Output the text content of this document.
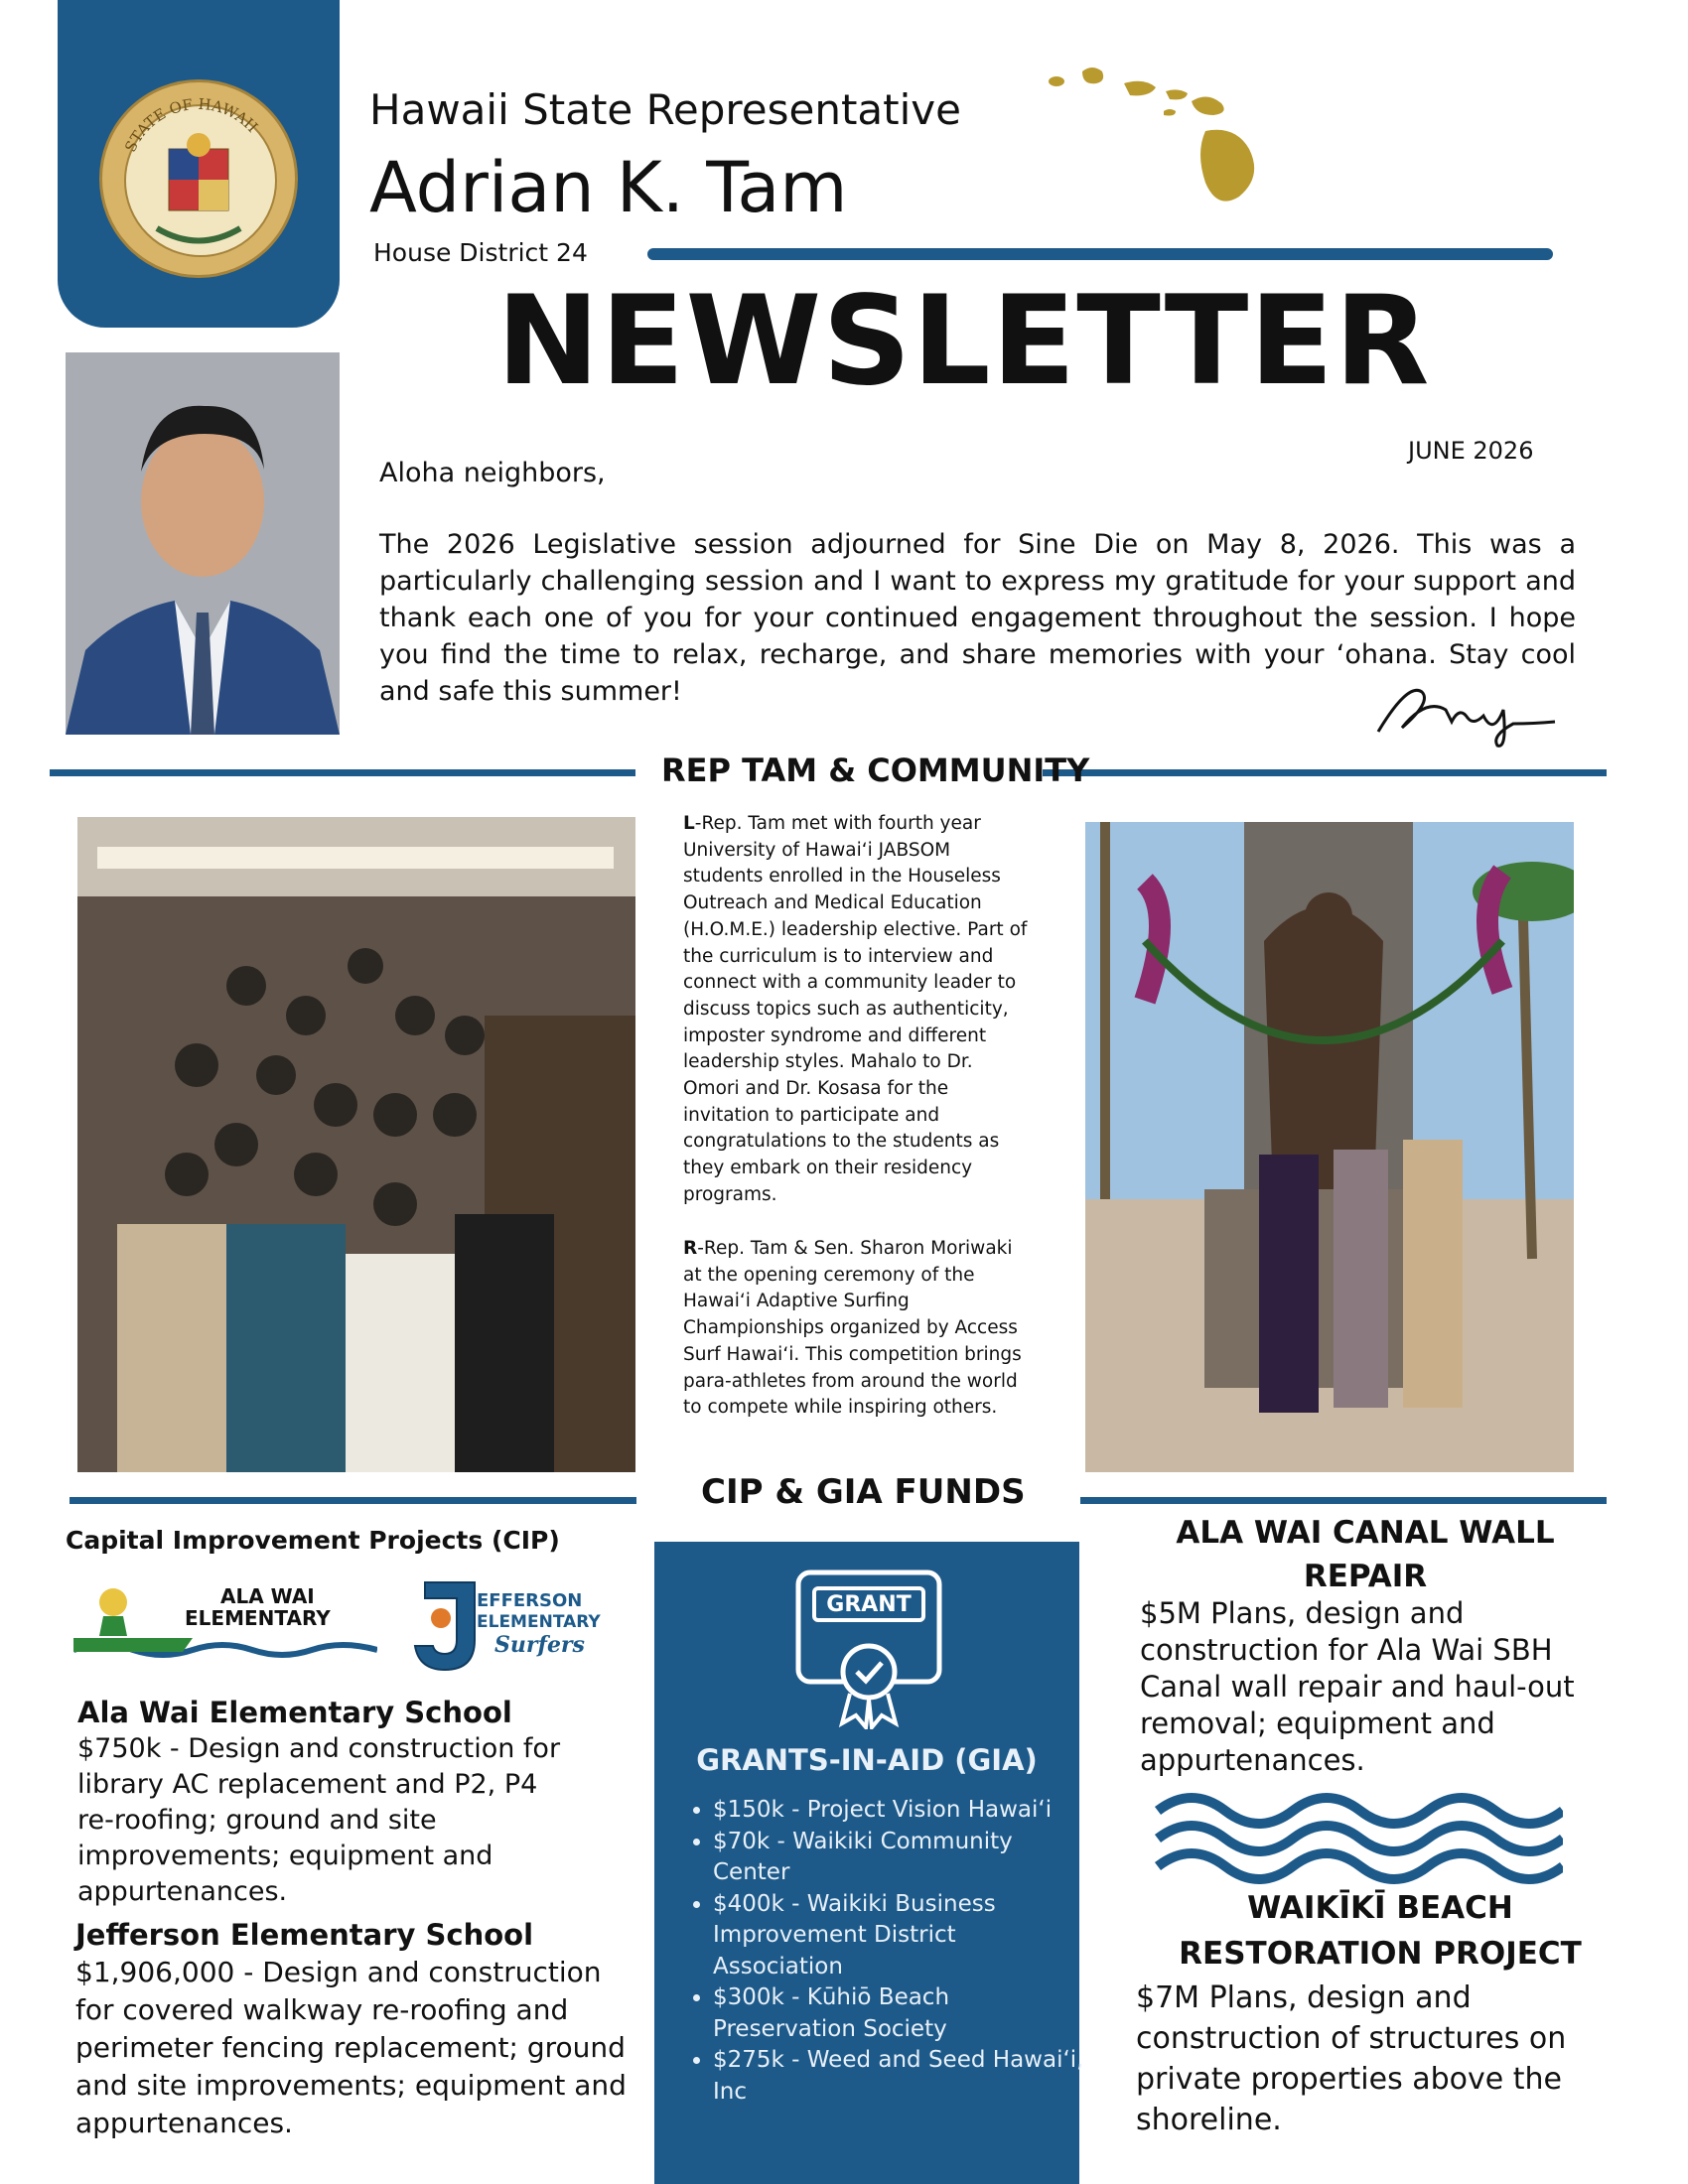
STATE OF HAWAII	Hawaii State Representative
Adrian K. Tam
House District 24
NEWSLETTER
JUNE 2026
Aloha neighbors,
The 2026 Legislative session adjourned for Sine Die on May 8, 2026. This was a particularly challenging session and I want to express my gratitude for your support and thank each one of you for your continued engagement throughout the session. I hope you find the time to relax, recharge, and share memories with your ʻohana. Stay cool and safe this summer!
REP TAM & COMMUNITY
L-Rep. Tam met with fourth year University of Hawaiʻi JABSOM students enrolled in the Houseless Outreach and Medical Education (H.O.M.E.) leadership elective. Part of the curriculum is to interview and connect with a community leader to discuss topics such as authenticity, imposter syndrome and different leadership styles. Mahalo to Dr. Omori and Dr. Kosasa for the invitation to participate and congratulations to the students as they embark on their residency programs.
R-Rep. Tam & Sen. Sharon Moriwaki at the opening ceremony of the Hawaiʻi Adaptive Surfing Championships organized by Access Surf Hawaiʻi. This competition brings para-athletes from around the world to compete while inspiring others.
CIP & GIA FUNDS
Capital Improvement Projects (CIP)
ALA WAI
ELEMENTARY
EFFERSON
ELEMENTARY
Surfers
Ala Wai Elementary School
$750k - Design and construction for library AC replacement and P2, P4 re-roofing; ground and site improvements; equipment and appurtenances.
Jefferson Elementary School
$1,906,000 - Design and construction for covered walkway re-roofing and perimeter fencing replacement; ground and site improvements; equipment and appurtenances.
GRANT
GRANTS-IN-AID (GIA)
• $150k - Project Vision Hawaiʻi
• $70k - Waikiki Community Center
• $400k - Waikiki Business Improvement District Association
• $300k - Kūhiō Beach Preservation Society
• $275k - Weed and Seed Hawaiʻi, Inc
ALA WAI CANAL WALL REPAIR
$5M Plans, design and construction for Ala Wai SBH Canal wall repair and haul-out removal; equipment and appurtenances.
WAIKĪKĪ BEACH
RESTORATION PROJECT
$7M Plans, design and construction of structures on private properties above the shoreline.
